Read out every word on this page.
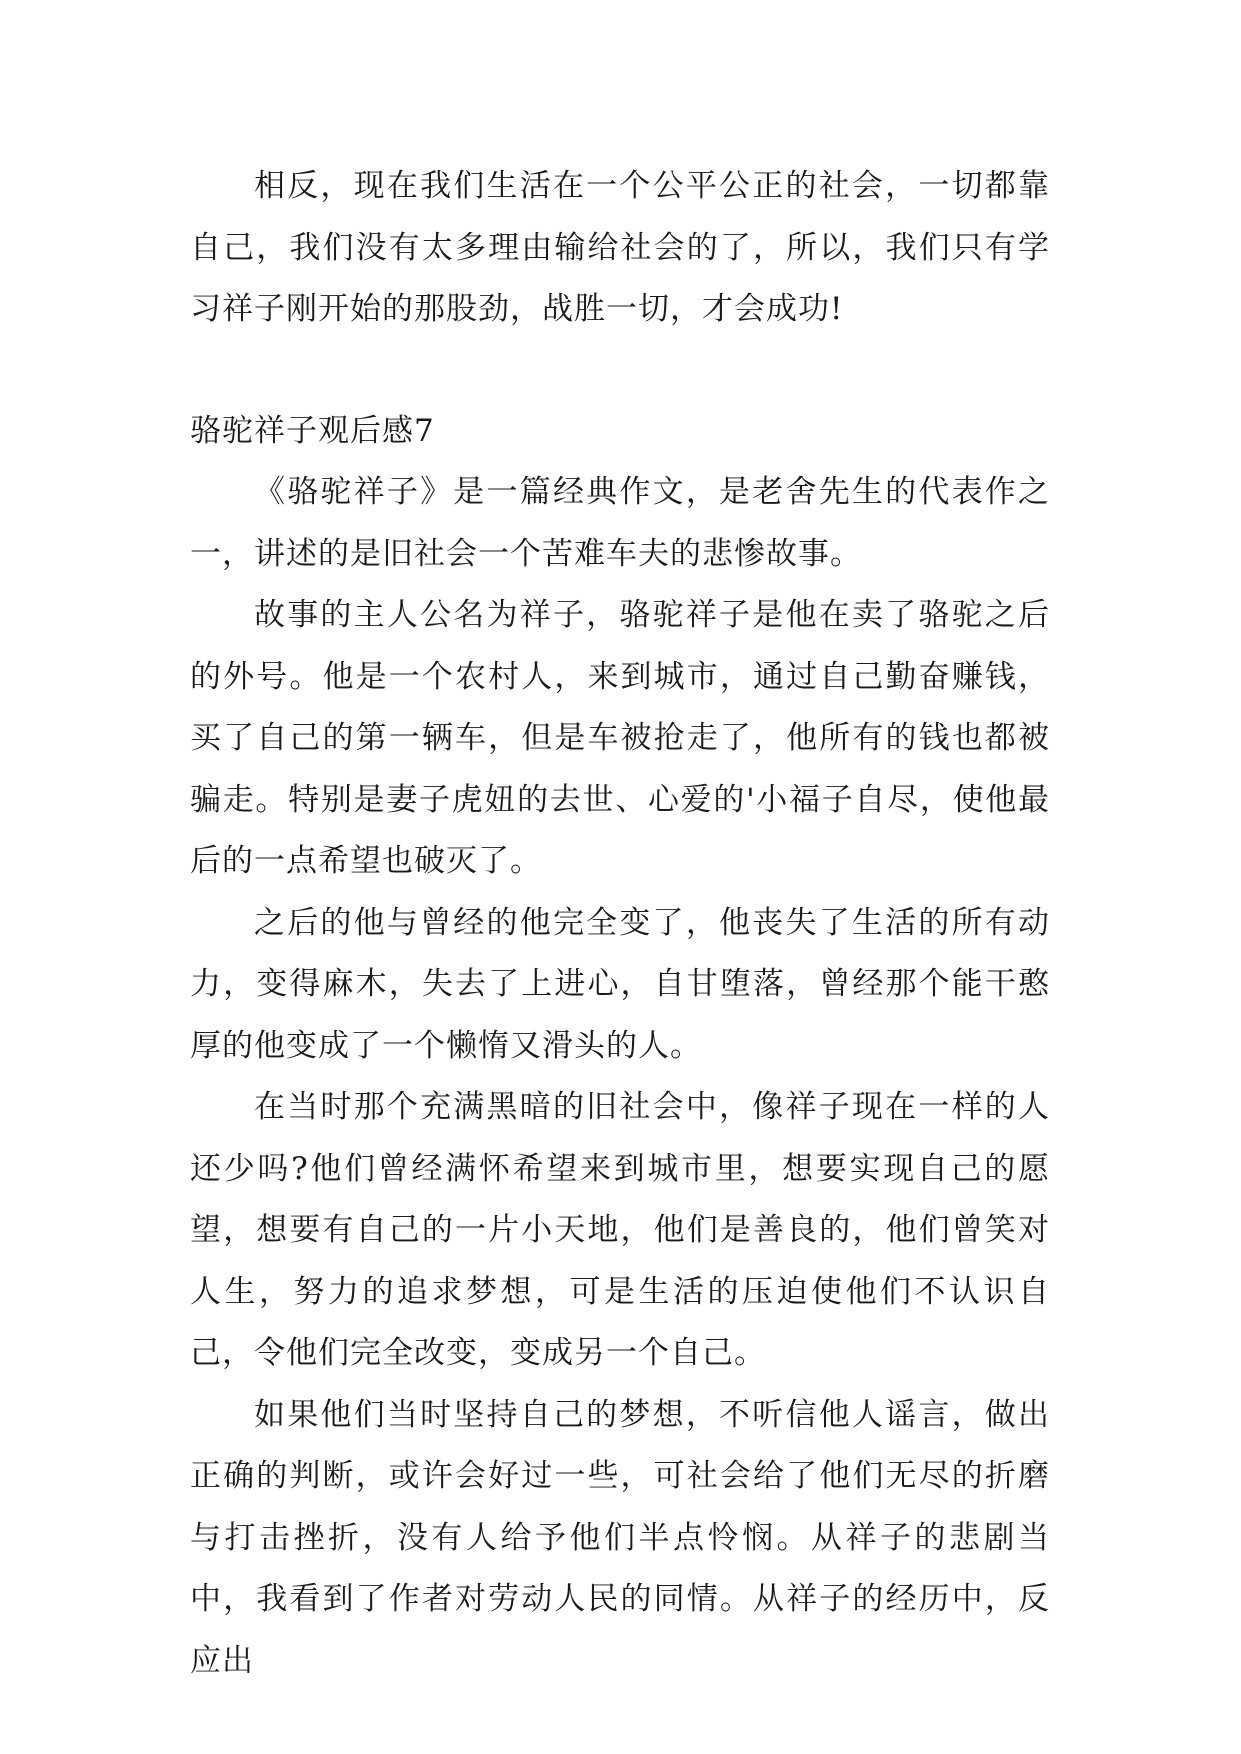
相反，现在我们生活在一个公平公正的社会，一切都靠自己，我们没有太多理由输给社会的了，所以，我们只有学习祥子刚开始的那股劲，战胜一切，才会成功!

骆驼祥子观后感7

《骆驼祥子》是一篇经典作文，是老舍先生的代表作之一，讲述的是旧社会一个苦难车夫的悲惨故事。

故事的主人公名为祥子，骆驼祥子是他在卖了骆驼之后的外号。他是一个农村人，来到城市，通过自己勤奋赚钱，买了自己的第一辆车，但是车被抢走了，他所有的钱也都被骗走。特别是妻子虎妞的去世、心爱的'小福子自尽，使他最后的一点希望也破灭了。

之后的他与曾经的他完全变了，他丧失了生活的所有动力，变得麻木，失去了上进心，自甘堕落，曾经那个能干憨厚的他变成了一个懒惰又滑头的人。

在当时那个充满黑暗的旧社会中，像祥子现在一样的人还少吗?他们曾经满怀希望来到城市里，想要实现自己的愿望，想要有自己的一片小天地，他们是善良的，他们曾笑对人生，努力的追求梦想，可是生活的压迫使他们不认识自己，令他们完全改变，变成另一个自己。

如果他们当时坚持自己的梦想，不听信他人谣言，做出正确的判断，或许会好过一些，可社会给了他们无尽的折磨与打击挫折，没有人给予他们半点怜悯。从祥子的悲剧当中，我看到了作者对劳动人民的同情。从祥子的经历中，反应出
